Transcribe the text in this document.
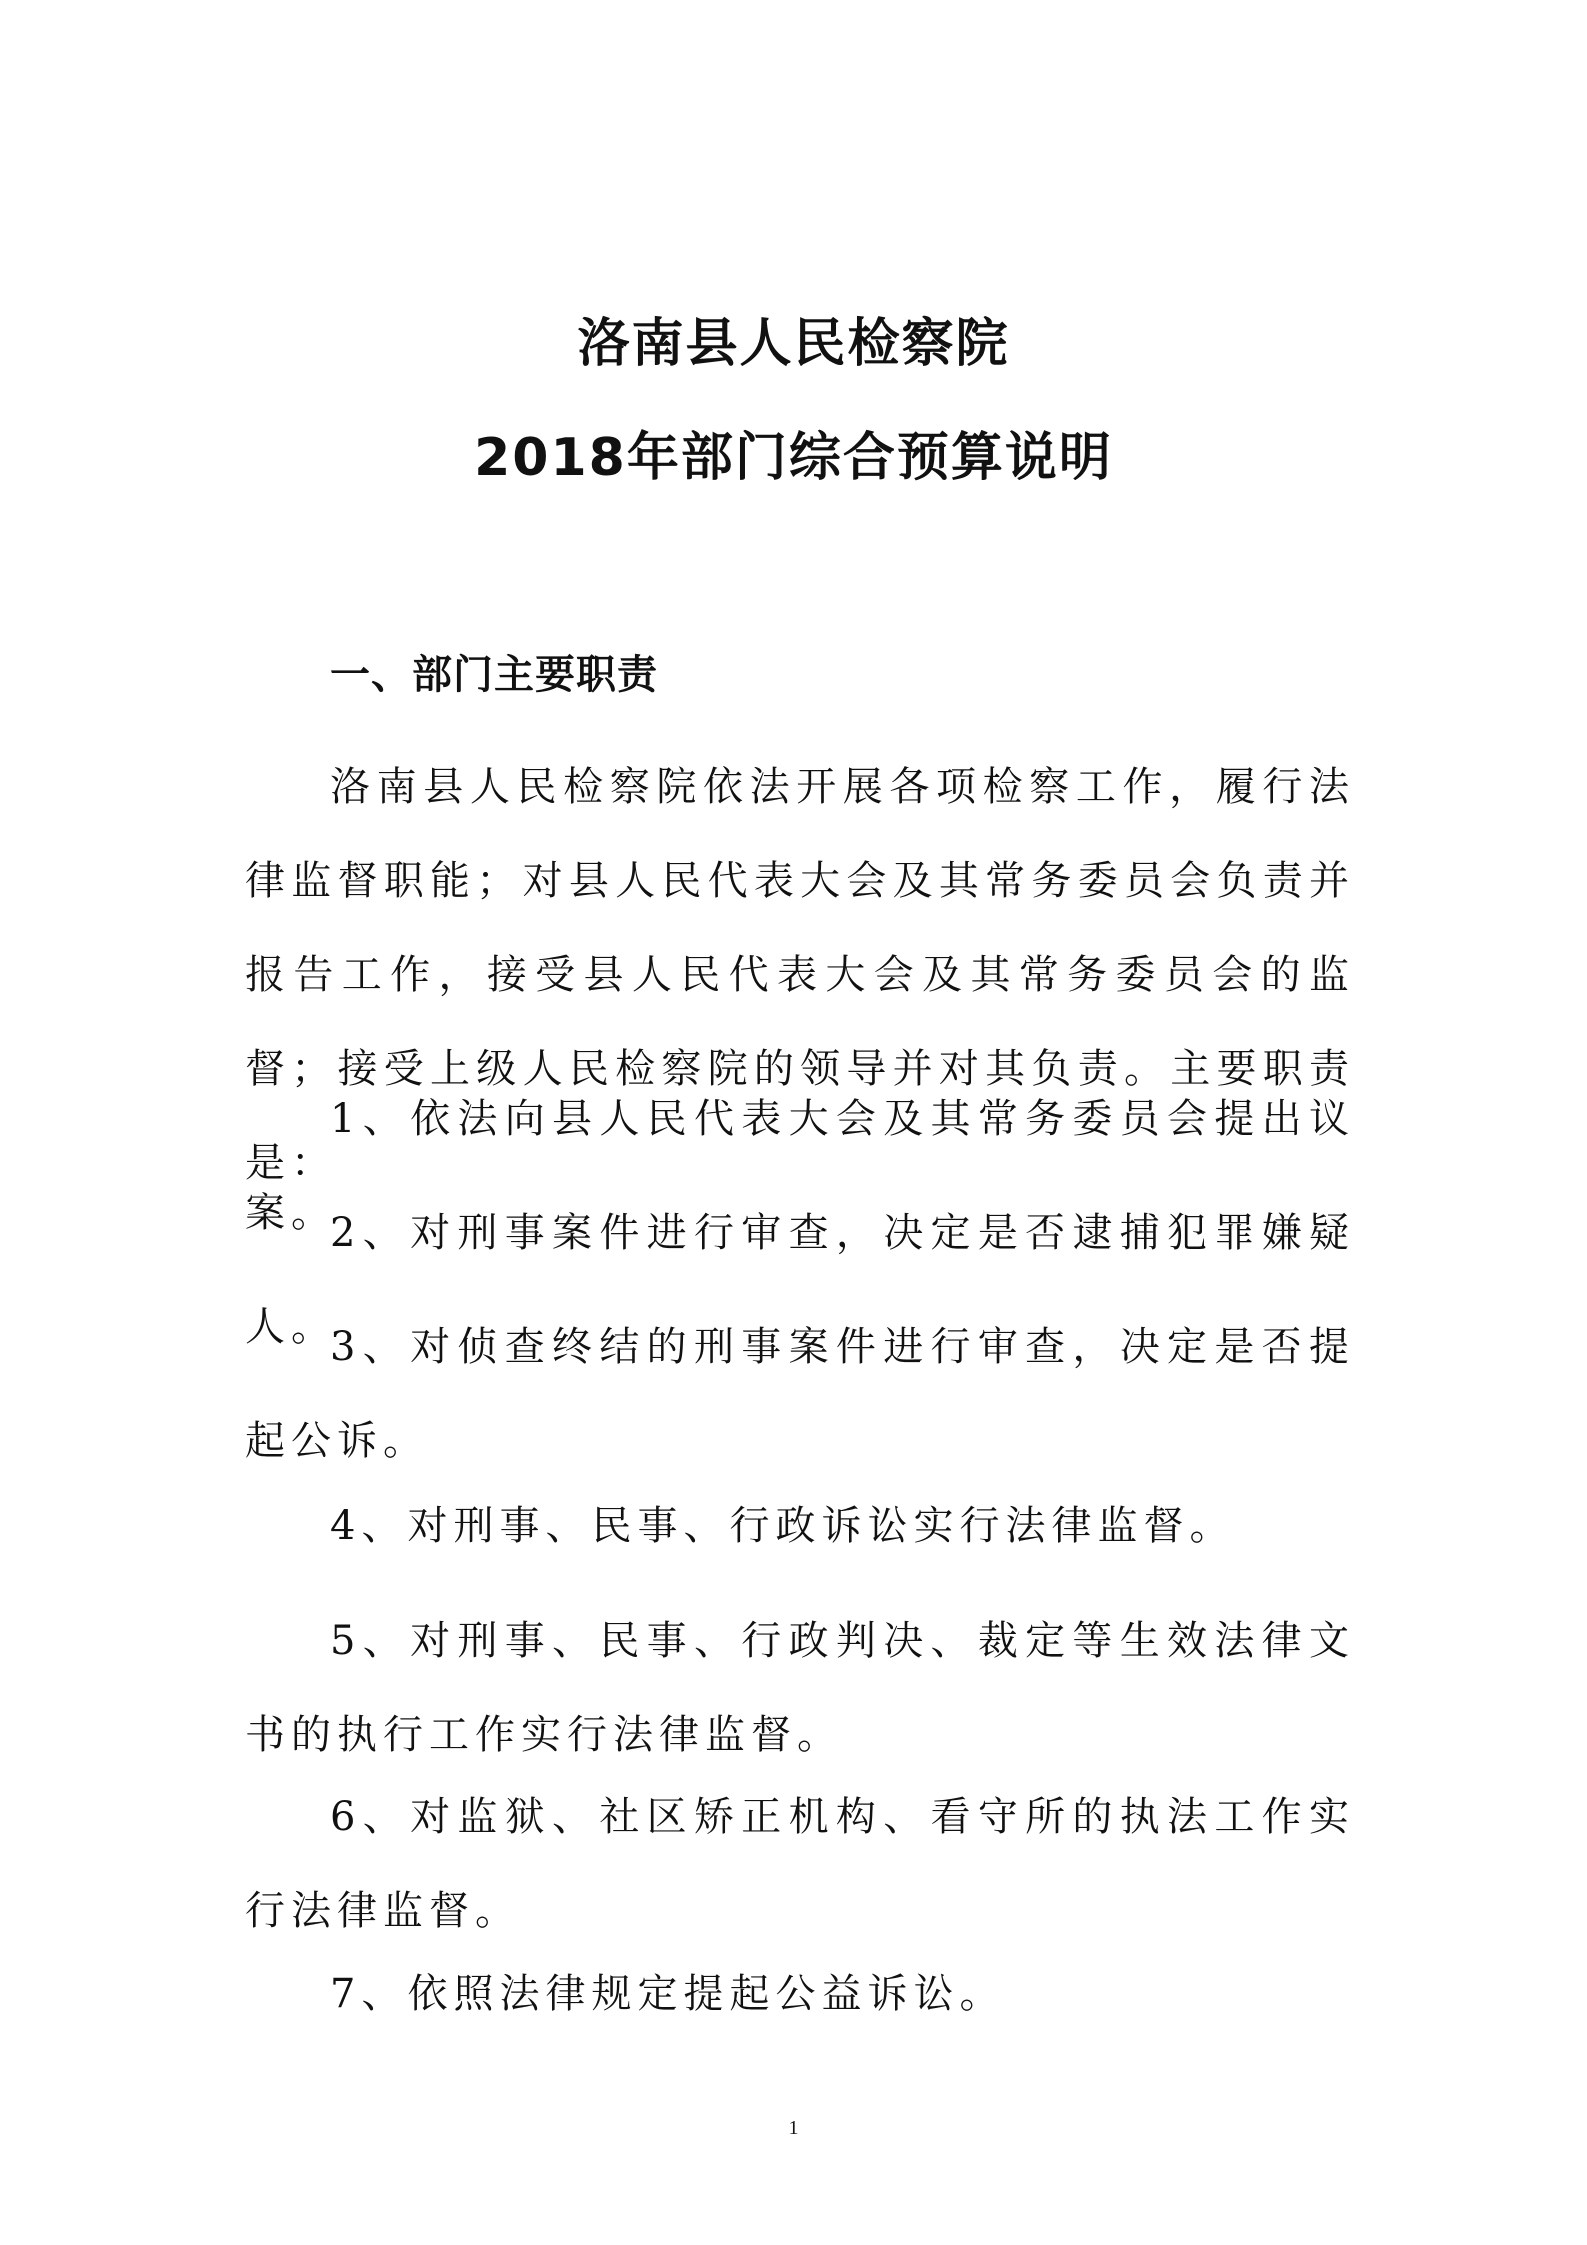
洛南县人民检察院
2018年部门综合预算说明
一、部门主要职责

洛南县人民检察院依法开展各项检察工作，履行法律监督职能；对县人民代表大会及其常务委员会负责并报告工作，接受县人民代表大会及其常务委员会的监督；接受上级人民检察院的领导并对其负责。主要职责是：

1、依法向县人民代表大会及其常务委员会提出议案。

2、对刑事案件进行审查，决定是否逮捕犯罪嫌疑人。

3、对侦查终结的刑事案件进行审查，决定是否提起公诉。

4、对刑事、民事、行政诉讼实行法律监督。

5、对刑事、民事、行政判决、裁定等生效法律文书的执行工作实行法律监督。

6、对监狱、社区矫正机构、看守所的执法工作实行法律监督。

7、依照法律规定提起公益诉讼。

1
